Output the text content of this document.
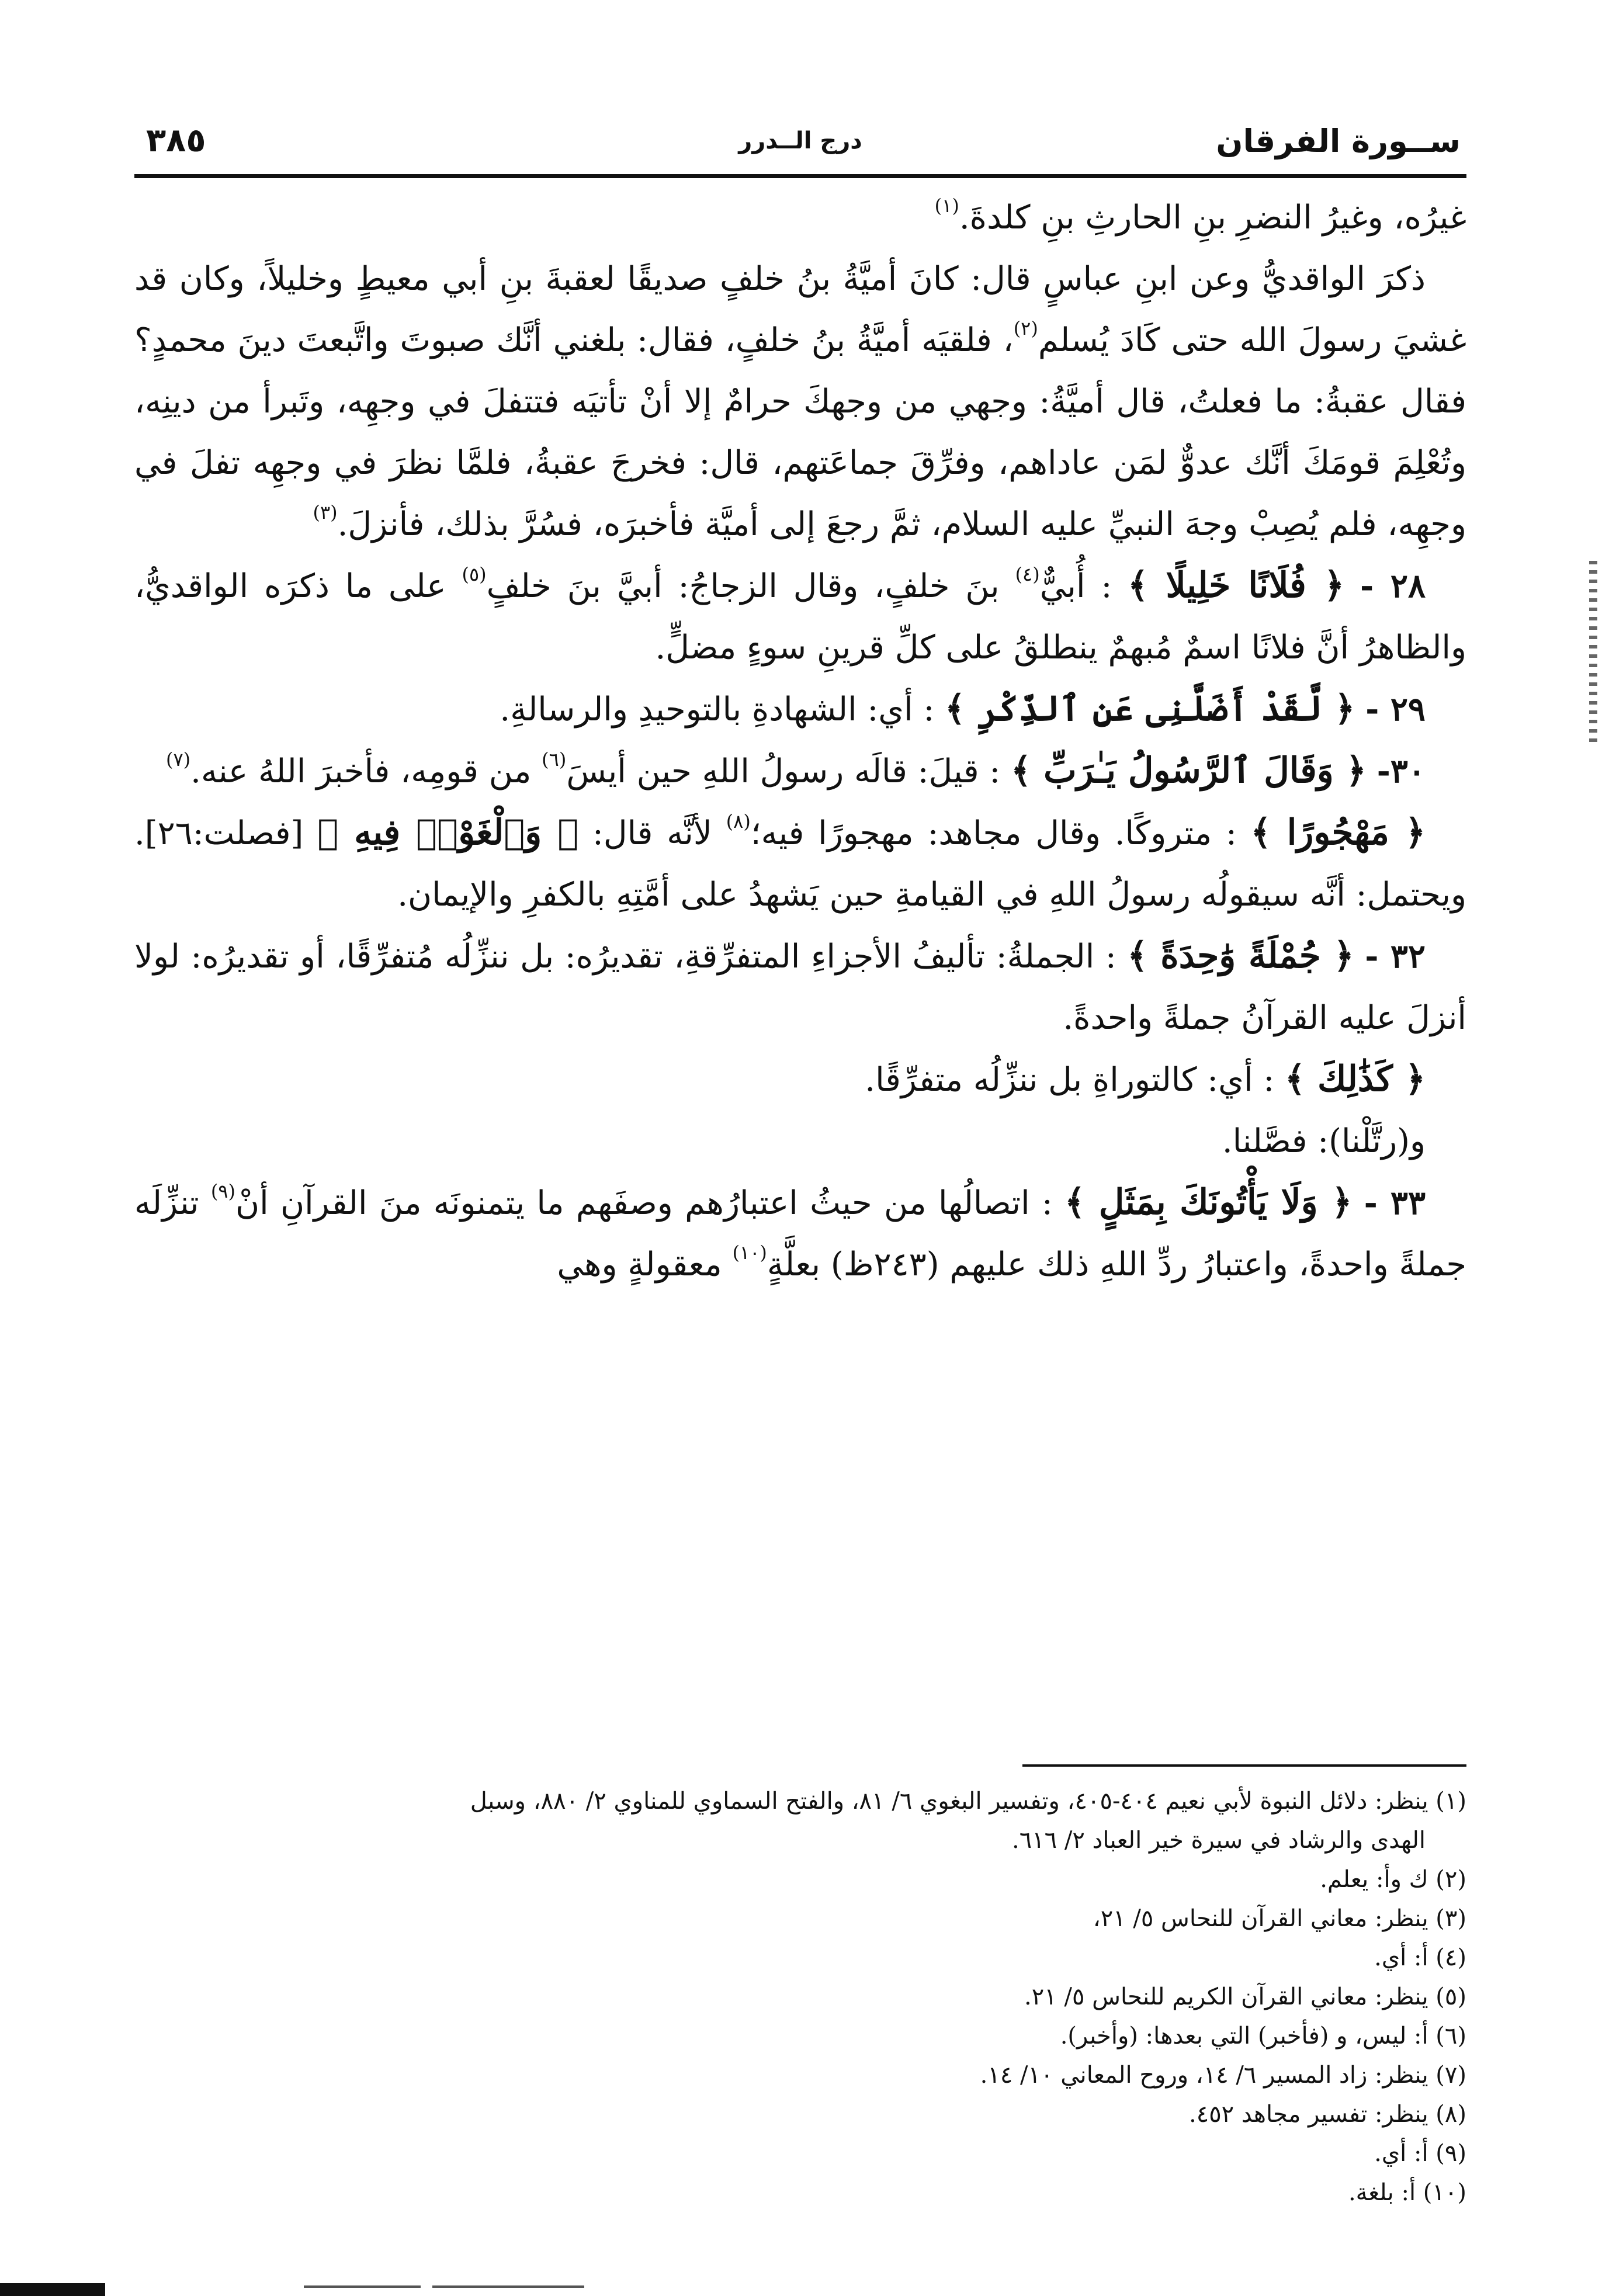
ســورة الفرقان
درج الــدرر
٣٨٥

غيرُه، وغيرُ النضرِ بنِ الحارثِ بنِ كلدةَ.$^{(١)}$

ذكرَ الواقديُّ وعن ابنِ عباسٍ قال: كانَ أميَّةُ بنُ خلفٍ صديقًا لعقبةَ بنِ أبي معيطٍ وخليلاً، وكان قد غشيَ رسولَ الله حتى كَادَ يُسلم$^{(٢)}$، فلقيَه أميَّةُ بنُ خلفٍ، فقال: بلغني أنَّك صبوتَ واتَّبعتَ دينَ محمدٍ؟ فقال عقبةُ: ما فعلتُ، قال أميَّةُ: وجهي من وجهكَ حرامٌ إلا أنْ تأتيَه فتتفلَ في وجهِه، وتَبرأ من دينِه، وتُعْلِمَ قومَكَ أنَّك عدوٌّ لمَن عاداهم، وفرِّقَ جماعَتهم، قال: فخرجَ عقبةُ، فلمَّا نظرَ في وجهِه تفلَ في وجهِه، فلم يُصِبْ وجهَ النبيِّ عليه السلام، ثمَّ رجعَ إلى أميَّة فأخبرَه، فسُرَّ بذلك، فأنزلَ.$^{(٣)}$

٢٨ - ﴿ فُلَانًا خَلِيلًا ﴾ : أُبيٌّ$^{(٤)}$ بنَ خلفٍ، وقال الزجاجُ: أبيَّ بنَ خلفٍ$^{(٥)}$ على ما ذكرَه الواقديُّ، والظاهرُ أنَّ فلانًا اسمٌ مُبهمٌ ينطلقُ على كلِّ قرينِ سوءٍ مضلٍّ.

٢٩ - ﴿ لَّقَدْ أَضَلَّنِى عَنِ ٱلذِّكْرِ ﴾ : أي: الشهادةِ بالتوحيدِ والرسالةِ.

٣٠- ﴿ وَقَالَ ٱلرَّسُولُ يَـٰرَبِّ ﴾ : قيلَ: قالَه رسولُ اللهِ حين أيسَ$^{(٦)}$ من قومِه، فأخبرَ اللهُ عنه.$^{(٧)}$

﴿ مَهْجُورًا ﴾ : متروكًا. وقال مجاهد: مهجورًا فيه؛$^{(٨)}$ لأنَّه قال: ﴿ وَٱلْغَوْا۟ فِيهِ ﴾ [فصلت:٢٦]. ويحتمل: أنَّه سيقولُه رسولُ اللهِ في القيامةِ حين يَشهدُ على أمَّتِهِ بالكفرِ والإيمان.

٣٢ - ﴿ جُمْلَةً وَٰحِدَةً ﴾ : الجملةُ: تأليفُ الأجزاءِ المتفرِّقةِ، تقديرُه: بل ننزِّلُه مُتفرِّقًا، أو تقديرُه: لولا أنزلَ عليه القرآنُ جملةً واحدةً.

﴿ كَذَٰلِكَ ﴾ : أي: كالتوراةِ بل ننزِّلُه متفرِّقًا.

و(رتَّلْنا): فصَّلنا.

٣٣ - ﴿ وَلَا يَأْتُونَكَ بِمَثَلٍ ﴾ : اتصالُها من حيثُ اعتبارُهم وصفَهم ما يتمنونَه منَ القرآنِ أنْ$^{(٩)}$ تنزِّلَه جملةً واحدةً، واعتبارُ ردِّ اللهِ ذلك عليهم (٢٤٣ظ) بعلَّةٍ$^{(١٠)}$ معقولةٍ وهي

(١) ينظر: دلائل النبوة لأبي نعيم ٤٠٤-٤٠٥، وتفسير البغوي ٦/ ٨١، والفتح السماوي للمناوي ٢/ ٨٨٠، وسبل

الهدى والرشاد في سيرة خير العباد ٢/ ٦١٦.

(٢) ك وأ: يعلم.

(٣) ينظر: معاني القرآن للنحاس ٥/ ٢١،

(٤) أ: أي.

(٥) ينظر: معاني القرآن الكريم للنحاس ٥/ ٢١.

(٦) أ: ليس، و (فأخبر) التي بعدها: (وأخبر).

(٧) ينظر: زاد المسير ٦/ ١٤، وروح المعاني ١٠/ ١٤.

(٨) ينظر: تفسير مجاهد ٤٥٢.

(٩) أ: أي.

(١٠) أ: بلغة.
